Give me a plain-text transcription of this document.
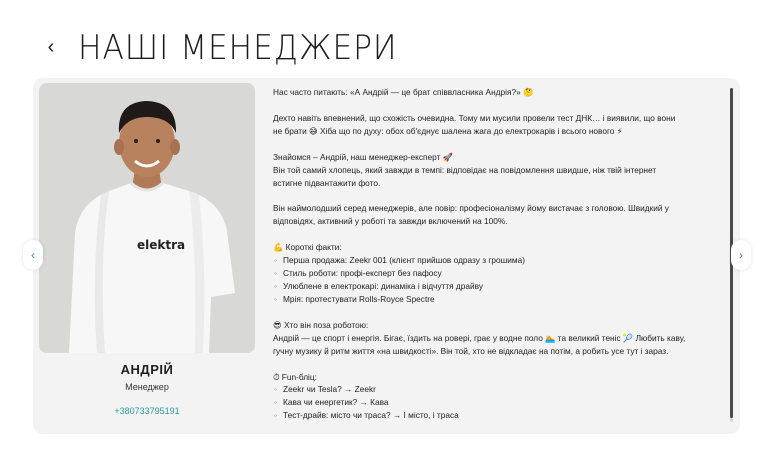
‹ НАШІ МЕНЕДЖЕРИ
elektra
АНДРІЙ
Менеджер
+380733795191

Нас часто питають: «А Андрій — це брат співвласника Андрія?» 🤔

Дехто навіть впевнений, що схожість очевидна. Тому ми мусили провели тест ДНК… і виявили, що вони

не брати 😅 Хіба що по духу: обох об'єднує шалена жага до електрокарів і всього нового ⚡

Знайомся – Андрій, наш менеджер-експерт 🚀

Він той самий хлопець, який завжди в темпі: відповідає на повідомлення швидше, ніж твій інтернет

встигне підвантажити фото.

Він наймолодший серед менеджерів, але повір: професіоналізму йому вистачає з головою. Швидкий у

відповідях, активний у роботі та завжди включений на 100%.

💪 Короткі факти:

◦ Перша продажа: Zeekr 001 (клієнт прийшов одразу з грошима)

◦ Стиль роботи: профі-експерт без пафосу

◦ Улюблене в електрокарі: динаміка і відчуття драйву

◦ Мрія: протестувати Rolls-Royce Spectre

😎 Хто він поза роботою:

Андрій — це спорт і енергія. Бігає, їздить на ровері, грає у водне поло 🏊 та великий теніс 🎾 Любить каву,

гучну музику й ритм життя «на швидкості». Він той, хто не відкладає на потім, а робить усе тут і зараз.

⏱ Fun-бліц:

◦ Zeekr чи Tesla? → Zeekr

◦ Кава чи енергетик? → Кава

◦ Тест-драйв: місто чи траса? → І місто, і траса

‹	›
